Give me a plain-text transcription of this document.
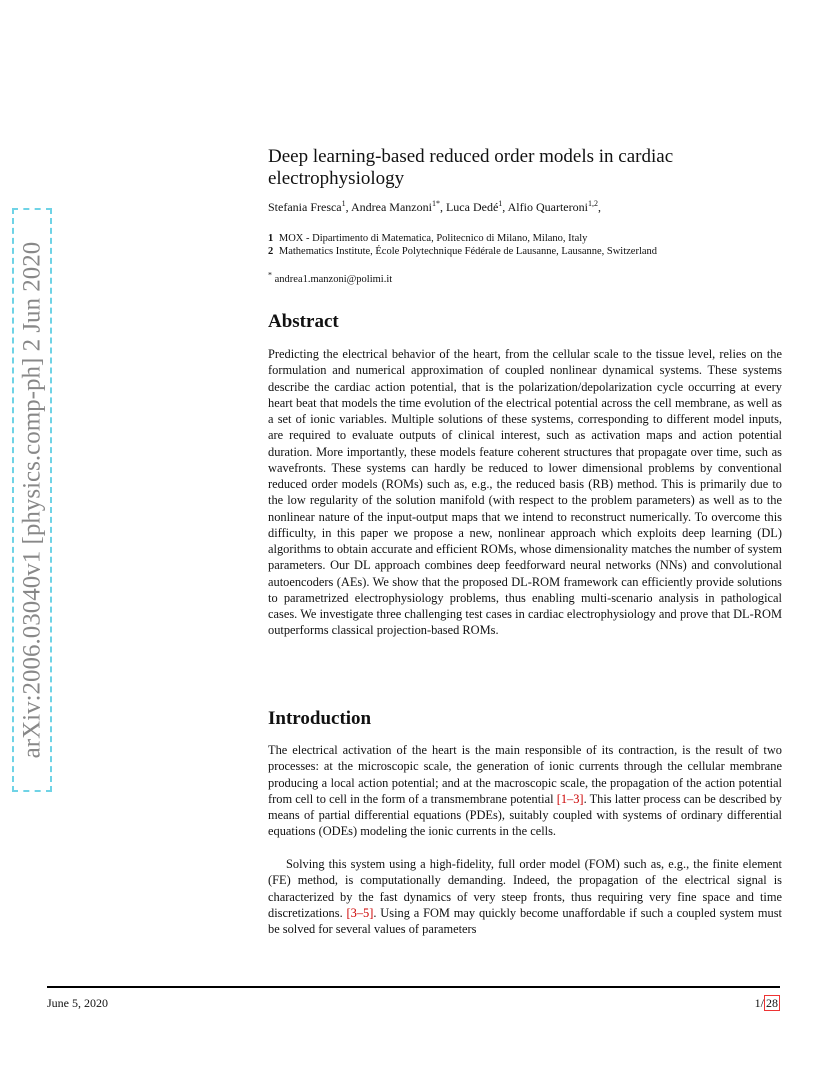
arXiv:2006.03040v1 [physics.comp-ph] 2 Jun 2020
Deep learning-based reduced order models in cardiac electrophysiology
Stefania Fresca$^1$, Andrea Manzoni$^{1*}$, Luca Dedé$^1$, Alfio Quarteroni$^{1,2}$,
1 MOX - Dipartimento di Matematica, Politecnico di Milano, Milano, Italy
2 Mathematics Institute, École Polytechnique Fédérale de Lausanne, Lausanne, Switzerland
* andrea1.manzoni@polimi.it
Abstract

Predicting the electrical behavior of the heart, from the cellular scale to the tissue level, relies on the formulation and numerical approximation of coupled nonlinear dynamical systems. These systems describe the cardiac action potential, that is the polarization/depolarization cycle occurring at every heart beat that models the time evolution of the electrical potential across the cell membrane, as well as a set of ionic variables. Multiple solutions of these systems, corresponding to different model inputs, are required to evaluate outputs of clinical interest, such as activation maps and action potential duration. More importantly, these models feature coherent structures that propagate over time, such as wavefronts. These systems can hardly be reduced to lower dimensional problems by conventional reduced order models (ROMs) such as, e.g., the reduced basis (RB) method. This is primarily due to the low regularity of the solution manifold (with respect to the problem parameters) as well as to the nonlinear nature of the input-output maps that we intend to reconstruct numerically. To overcome this difficulty, in this paper we propose a new, nonlinear approach which exploits deep learning (DL) algorithms to obtain accurate and efficient ROMs, whose dimensionality matches the number of system parameters. Our DL approach combines deep feedforward neural networks (NNs) and convolutional autoencoders (AEs). We show that the proposed DL-ROM framework can efficiently provide solutions to parametrized electrophysiology problems, thus enabling multi-scenario analysis in pathological cases. We investigate three challenging test cases in cardiac electrophysiology and prove that DL-ROM outperforms classical projection-based ROMs.

Introduction

The electrical activation of the heart is the main responsible of its contraction, is the result of two processes: at the microscopic scale, the generation of ionic currents through the cellular membrane producing a local action potential; and at the macroscopic scale, the propagation of the action potential from cell to cell in the form of a transmembrane potential [1–3]. This latter process can be described by means of partial differential equations (PDEs), suitably coupled with systems of ordinary differential equations (ODEs) modeling the ionic currents in the cells.

Solving this system using a high-fidelity, full order model (FOM) such as, e.g., the finite element (FE) method, is computationally demanding. Indeed, the propagation of the electrical signal is characterized by the fast dynamics of very steep fronts, thus requiring very fine space and time discretizations. [3–5]. Using a FOM may quickly become unaffordable if such a coupled system must be solved for several values of parameters

June 5, 2020	1/ 28
